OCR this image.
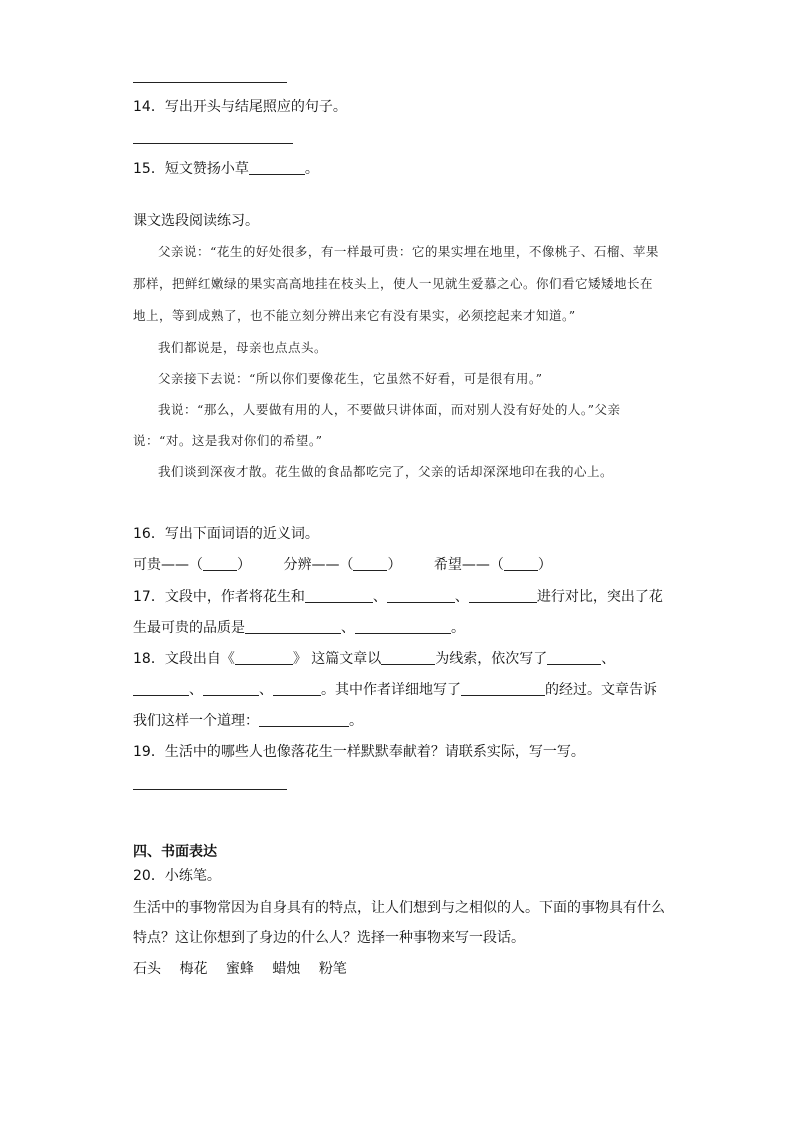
14．写出开头与结尾照应的句子。
15．短文赞扬小草	。
课文选段阅读练习。

父亲说：“花生的好处很多，有一样最可贵：它的果实埋在地里，不像桃子、石榴、苹果那样，把鲜红嫩绿的果实高高地挂在枝头上，使人一见就生爱慕之心。你们看它矮矮地长在地上，等到成熟了，也不能立刻分辨出来它有没有果实，必须挖起来才知道。”

我们都说是，母亲也点点头。

父亲接下去说：“所以你们要像花生，它虽然不好看，可是很有用。”

我说：“那么，人要做有用的人，不要做只讲体面，而对别人没有好处的人。”父亲说：“对。这是我对你们的希望。”

我们谈到深夜才散。花生做的食品都吃完了，父亲的话却深深地印在我的心上。

16．写出下面词语的近义词。
可贵——（ ） 分辨——（ ） 希望——（ ）
17．文段中，作者将花生和	、	、	进行对比，突出了花
生最可贵的品质是	、	。
18．文段出自《	》 这篇文章以	为线索，依次写了	、
、	、	。其中作者详细地写了	的经过。文章告诉
我们这样一个道理：	。
19．生活中的哪些人也像落花生一样默默奉献着？请联系实际，写一写。
四、书面表达
20．小练笔。
生活中的事物常因为自身具有的特点，让人们想到与之相似的人。下面的事物具有什么
特点？这让你想到了身边的什么人？选择一种事物来写一段话。
石头 梅花 蜜蜂 蜡烛 粉笔
